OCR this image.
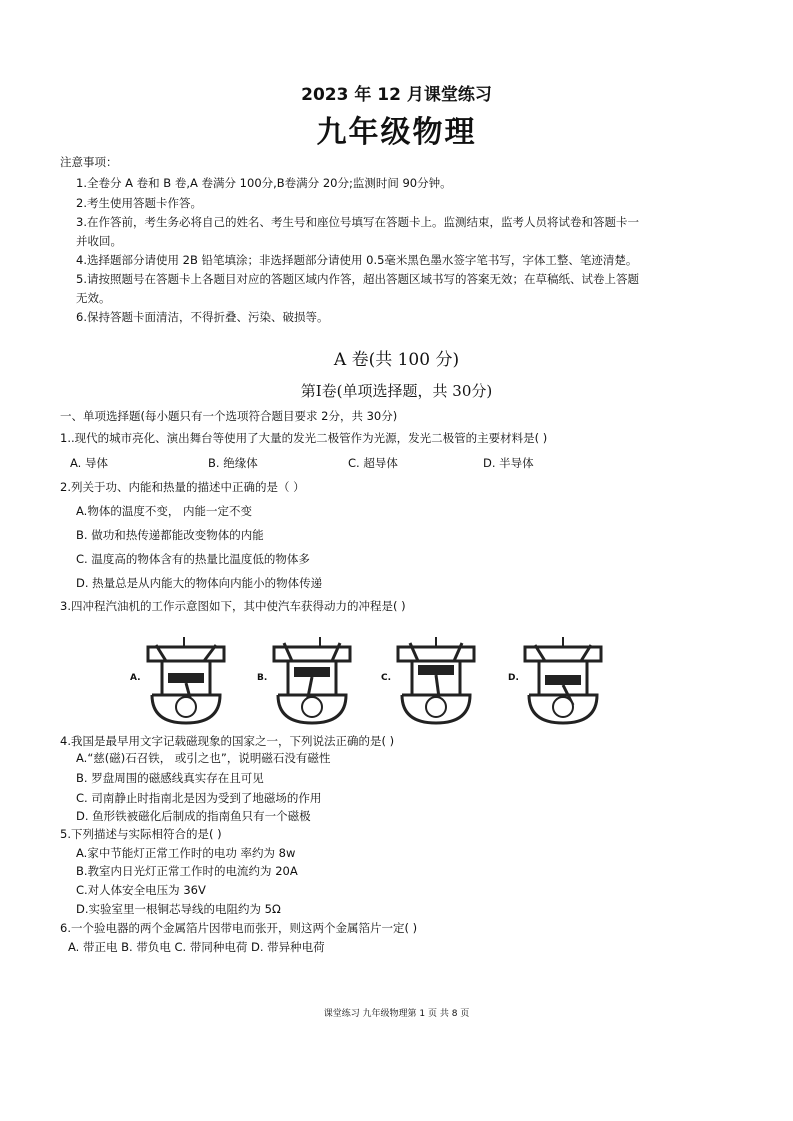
2023 年 12 月课堂练习
九年级物理
注意事项：
1.全卷分 A 卷和 B 卷,A 卷满分 100分,B卷满分 20分;监测时间 90分钟。
2.考生使用答题卡作答。
3.在作答前，考生务必将自己的姓名、考生号和座位号填写在答题卡上。监测结束，监考人员将试卷和答题卡一
并收回。
4.选择题部分请使用 2B 铅笔填涂；非选择题部分请使用 0.5毫米黑色墨水签字笔书写，字体工整、笔迹清楚。
5.请按照题号在答题卡上各题目对应的答题区域内作答，超出答题区域书写的答案无效；在草稿纸、试卷上答题
无效。
6.保持答题卡面清洁，不得折叠、污染、破损等。
A 卷(共 100 分)
第Ⅰ卷(单项选择题，共 30分)
一、单项选择题(每小题只有一个选项符合题目要求 2分，共 30分)
1..现代的城市亮化、演出舞台等使用了大量的发光二极管作为光源，发光二极管的主要材料是( )
A. 导体	B. 绝缘体	C. 超导体	D. 半导体
2.列关于功、内能和热量的描述中正确的是（ ）
A.物体的温度不变， 内能一定不变
B. 做功和热传递都能改变物体的内能
C. 温度高的物体含有的热量比温度低的物体多
D. 热量总是从内能大的物体向内能小的物体传递
3.四冲程汽油机的工作示意图如下，其中使汽车获得动力的冲程是( )
A.	B.	C.	D.
4.我国是最早用文字记载磁现象的国家之一，下列说法正确的是( )
A.“慈(磁)石召铁， 或引之也”，说明磁石没有磁性
B. 罗盘周围的磁感线真实存在且可见
C. 司南静止时指南北是因为受到了地磁场的作用
D. 鱼形铁被磁化后制成的指南鱼只有一个磁极
5.下列描述与实际相符合的是( )
A.家中节能灯正常工作时的电功 率约为 8w
B.教室内日光灯正常工作时的电流约为 20A
C.对人体安全电压为 36V
D.实验室里一根铜芯导线的电阻约为 5Ω
6.一个验电器的两个金属箔片因带电而张开，则这两个金属箔片一定( )
A. 带正电 B. 带负电 C. 带同种电荷 D. 带异种电荷
课堂练习 九年级物理第 1 页 共 8 页
